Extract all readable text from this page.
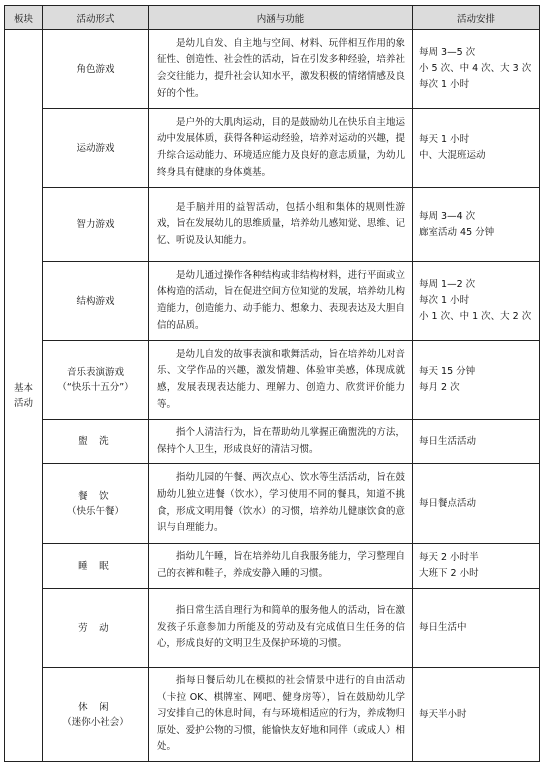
板块	活动形式	内涵与功能	活动安排
基本
活动	角色游戏	是幼儿自发、自主地与空间、材料、玩伴相互作用的象征性、创造性、社会性的活动，旨在引发多种经验，培养社会交往能力，提升社会认知水平，激发积极的情绪情感及良好的个性。	每周 3—5 次
小 5 次、中 4 次、大 3 次
每次 1 小时

	运动游戏	是户外的大肌肉运动，目的是鼓励幼儿在快乐自主地运动中发展体质，获得各种运动经验，培养对运动的兴趣，提升综合运动能力、环境适应能力及良好的意志质量，为幼儿终身具有健康的身体奠基。	每天 1 小时
中、大混班运动

	智力游戏	是手脑并用的益智活动，包括小组和集体的规则性游戏，旨在发展幼儿的思维质量，培养幼儿感知觉、思维、记忆、听说及认知能力。	每周 3—4 次
廊室活动 45 分钟

	结构游戏	是幼儿通过操作各种结构或非结构材料，进行平面或立体构造的活动，旨在促进空间方位知觉的发展，培养幼儿构造能力，创造能力、动手能力、想象力、表现表达及大胆自信的品质。	每周 1—2 次
每次 1 小时
小 1 次、中 1 次、大 2 次

	音乐表演游戏
（“快乐十五分”）	是幼儿自发的故事表演和歌舞活动，旨在培养幼儿对音乐、文学作品的兴趣，激发情趣、体验审美感，体现成就感，发展表现表达能力、理解力、创造力、欣赏评价能力等。	每天 15 分钟
每月 2 次

	盥 洗	指个人清洁行为，旨在帮助幼儿掌握正确盥洗的方法，保持个人卫生，形成良好的清洁习惯。	每日生活活动

	餐 饮
（快乐午餐）	指幼儿园的午餐、两次点心、饮水等生活活动，旨在鼓励幼儿独立进餐（饮水），学习使用不同的餐具，知道不挑食，形成文明用餐（饮水）的习惯，培养幼儿健康饮食的意识与自理能力。	每日餐点活动

	睡 眠	指幼儿午睡，旨在培养幼儿自我服务能力，学习整理自己的衣裤和鞋子，养成安静入睡的习惯。	每天 2 小时半
大班下 2 小时

	劳 动	指日常生活自理行为和简单的服务他人的活动，旨在激发孩子乐意参加力所能及的劳动及有完成值日生任务的信心，形成良好的文明卫生及保护环境的习惯。	每日生活中

	休 闲
（迷你小社会）	指每日餐后幼儿在模拟的社会情景中进行的自由活动（卡拉 OK、棋牌室、网吧、健身房等），旨在鼓励幼儿学习安排自己的休息时间，有与环境相适应的行为，养成物归原处、爱护公物的习惯，能愉快友好地和同伴（或成人）相处。	每天半小时
